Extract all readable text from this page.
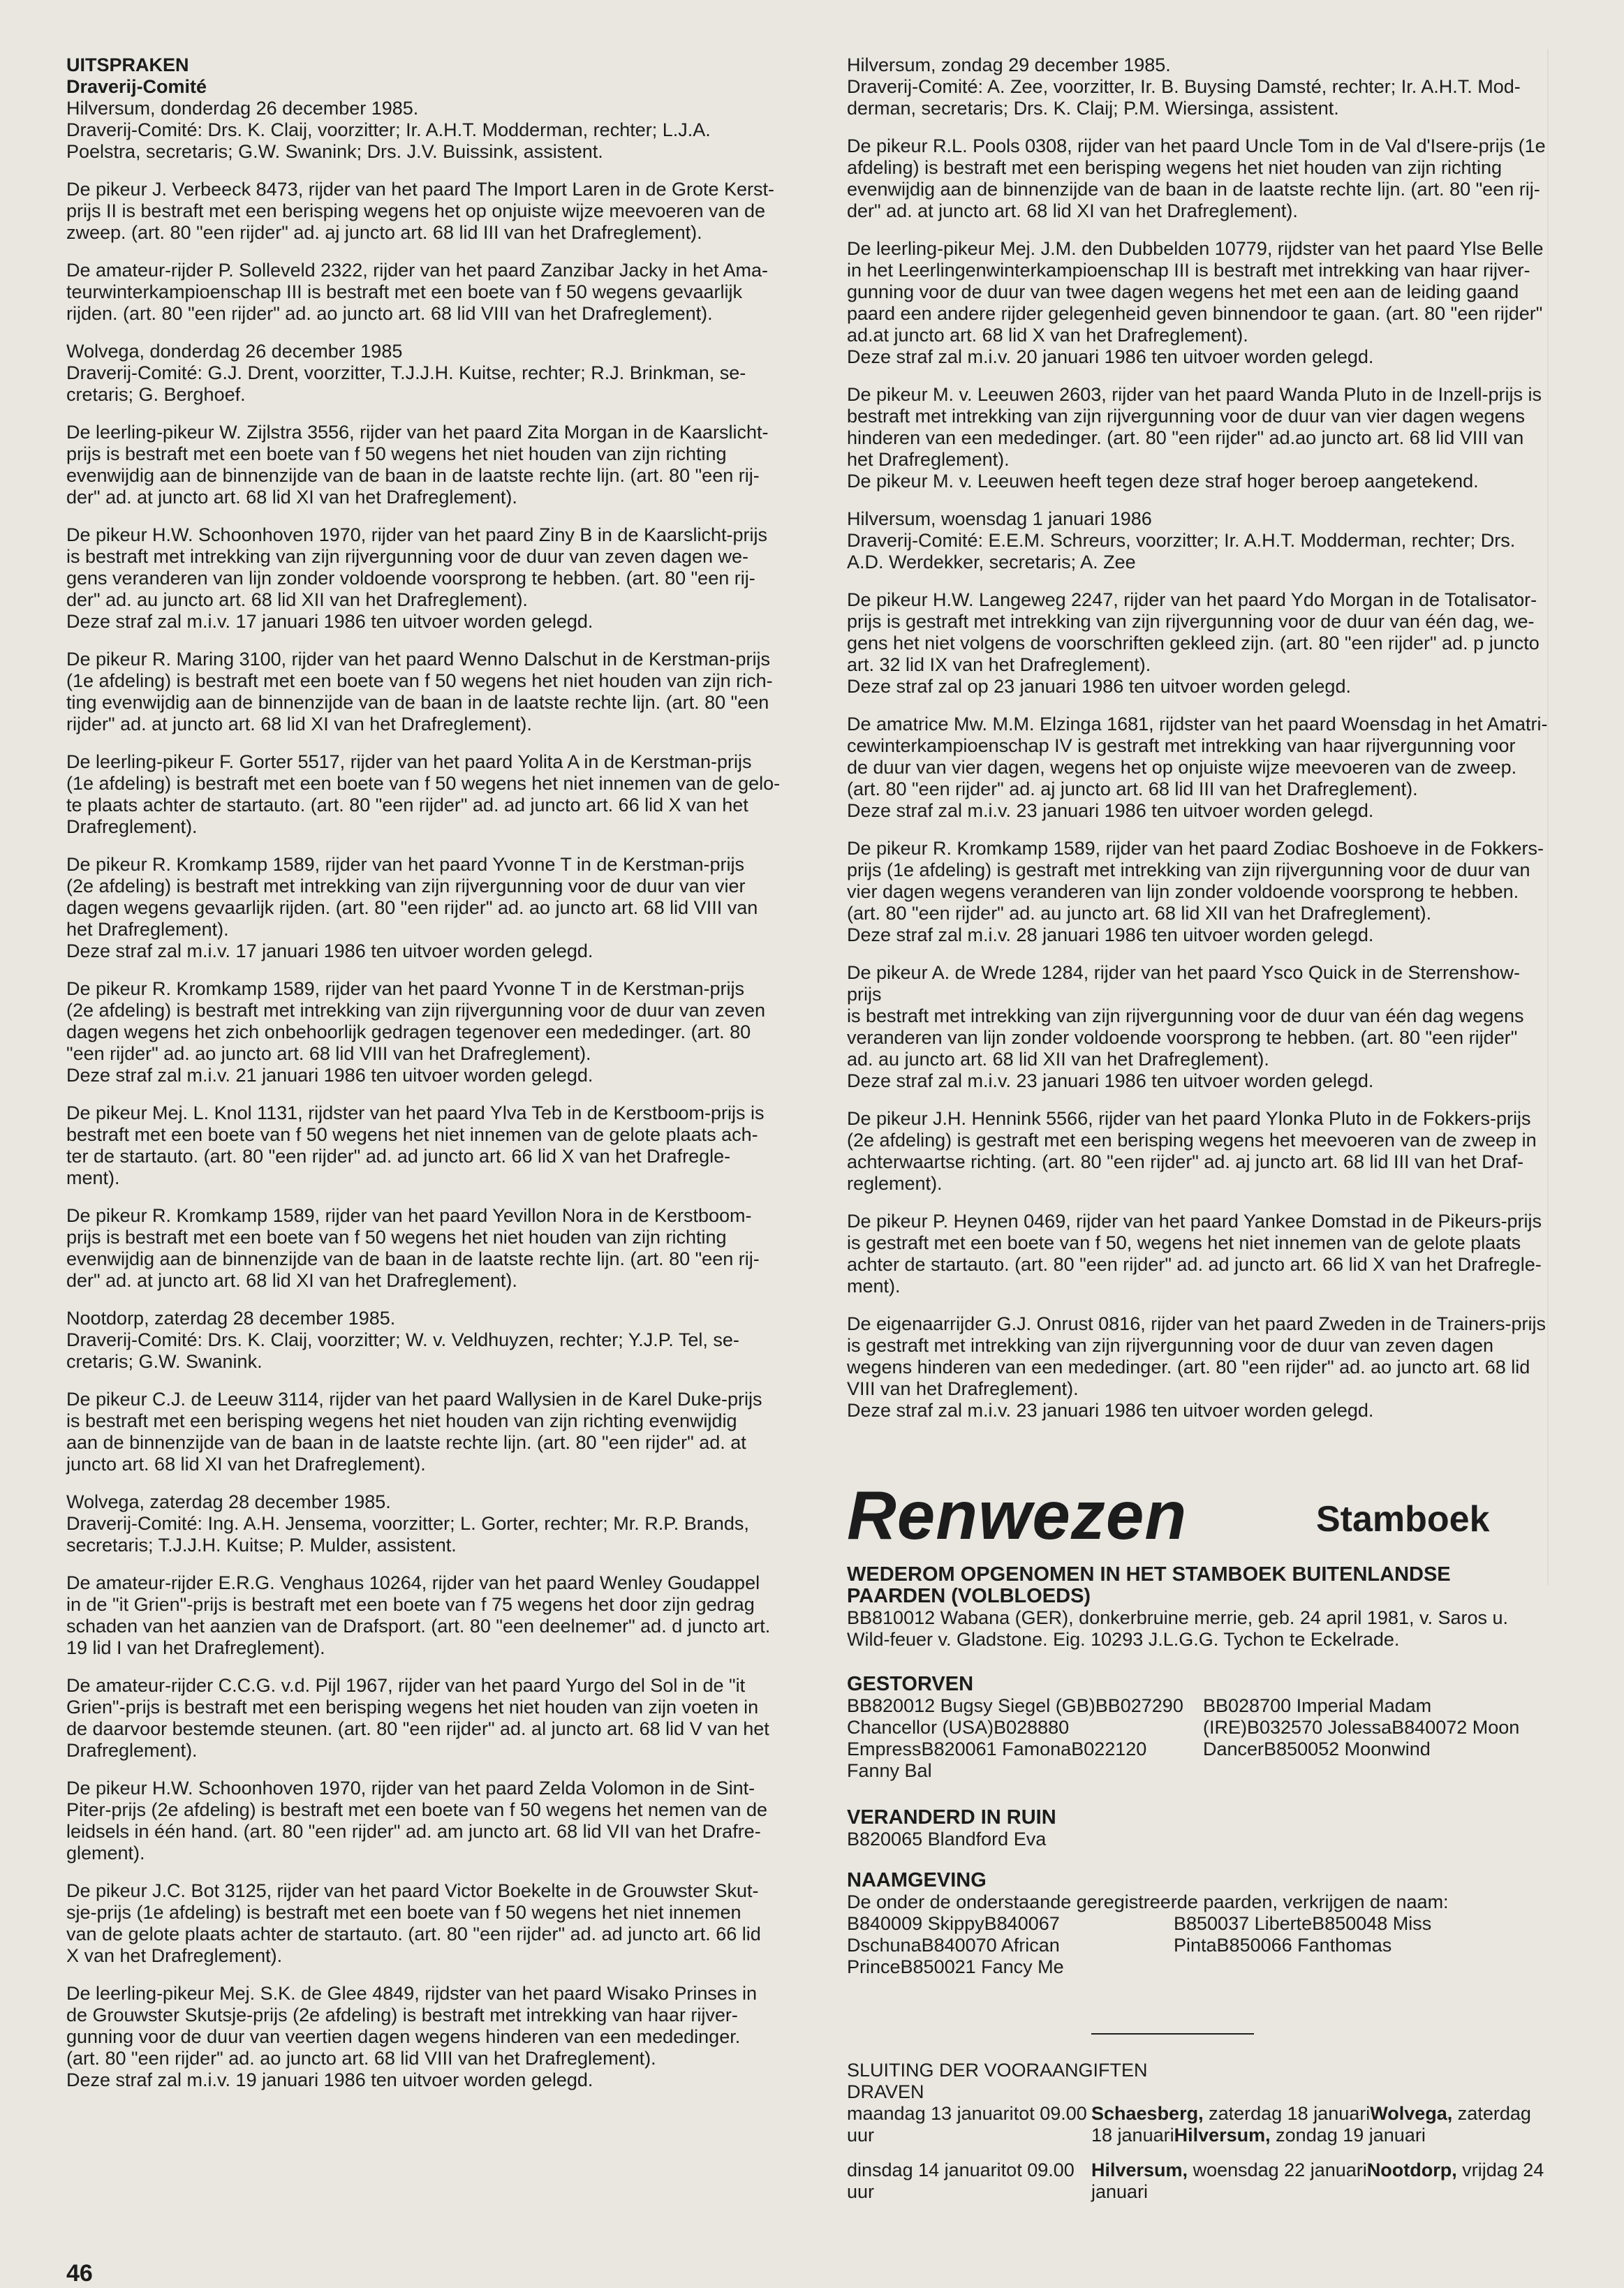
UITSPRAKEN
Draverij-Comité

Hilversum, donderdag 26 december 1985.
Draverij-Comité: Drs. K. Claij, voorzitter; Ir. A.H.T. Modderman, rechter; L.J.A.
Poelstra, secretaris; G.W. Swanink; Drs. J.V. Buissink, assistent.

De pikeur J. Verbeeck 8473, rijder van het paard The Import Laren in de Grote Kerst-
prijs II is bestraft met een berisping wegens het op onjuiste wijze meevoeren van de
zweep. (art. 80 "een rijder" ad. aj juncto art. 68 lid III van het Drafreglement).

De amateur-rijder P. Solleveld 2322, rijder van het paard Zanzibar Jacky in het Ama-
teurwinterkampioenschap III is bestraft met een boete van f 50 wegens gevaarlijk
rijden. (art. 80 "een rijder" ad. ao juncto art. 68 lid VIII van het Drafreglement).

Wolvega, donderdag 26 december 1985
Draverij-Comité: G.J. Drent, voorzitter, T.J.J.H. Kuitse, rechter; R.J. Brinkman, se-
cretaris; G. Berghoef.

De leerling-pikeur W. Zijlstra 3556, rijder van het paard Zita Morgan in de Kaarslicht-
prijs is bestraft met een boete van f 50 wegens het niet houden van zijn richting
evenwijdig aan de binnenzijde van de baan in de laatste rechte lijn. (art. 80 "een rij-
der" ad. at juncto art. 68 lid XI van het Drafreglement).

De pikeur H.W. Schoonhoven 1970, rijder van het paard Ziny B in de Kaarslicht-prijs
is bestraft met intrekking van zijn rijvergunning voor de duur van zeven dagen we-
gens veranderen van lijn zonder voldoende voorsprong te hebben. (art. 80 "een rij-
der" ad. au juncto art. 68 lid XII van het Drafreglement).
Deze straf zal m.i.v. 17 januari 1986 ten uitvoer worden gelegd.

De pikeur R. Maring 3100, rijder van het paard Wenno Dalschut in de Kerstman-prijs
(1e afdeling) is bestraft met een boete van f 50 wegens het niet houden van zijn rich-
ting evenwijdig aan de binnenzijde van de baan in de laatste rechte lijn. (art. 80 "een
rijder" ad. at juncto art. 68 lid XI van het Drafreglement).

De leerling-pikeur F. Gorter 5517, rijder van het paard Yolita A in de Kerstman-prijs
(1e afdeling) is bestraft met een boete van f 50 wegens het niet innemen van de gelo-
te plaats achter de startauto. (art. 80 "een rijder" ad. ad juncto art. 66 lid X van het
Drafreglement).

De pikeur R. Kromkamp 1589, rijder van het paard Yvonne T in de Kerstman-prijs
(2e afdeling) is bestraft met intrekking van zijn rijvergunning voor de duur van vier
dagen wegens gevaarlijk rijden. (art. 80 "een rijder" ad. ao juncto art. 68 lid VIII van
het Drafreglement).
Deze straf zal m.i.v. 17 januari 1986 ten uitvoer worden gelegd.

De pikeur R. Kromkamp 1589, rijder van het paard Yvonne T in de Kerstman-prijs
(2e afdeling) is bestraft met intrekking van zijn rijvergunning voor de duur van zeven
dagen wegens het zich onbehoorlijk gedragen tegenover een mededinger. (art. 80
"een rijder" ad. ao juncto art. 68 lid VIII van het Drafreglement).
Deze straf zal m.i.v. 21 januari 1986 ten uitvoer worden gelegd.

De pikeur Mej. L. Knol 1131, rijdster van het paard Ylva Teb in de Kerstboom-prijs is
bestraft met een boete van f 50 wegens het niet innemen van de gelote plaats ach-
ter de startauto. (art. 80 "een rijder" ad. ad juncto art. 66 lid X van het Drafregle-
ment).

De pikeur R. Kromkamp 1589, rijder van het paard Yevillon Nora in de Kerstboom-
prijs is bestraft met een boete van f 50 wegens het niet houden van zijn richting
evenwijdig aan de binnenzijde van de baan in de laatste rechte lijn. (art. 80 "een rij-
der" ad. at juncto art. 68 lid XI van het Drafreglement).

Nootdorp, zaterdag 28 december 1985.
Draverij-Comité: Drs. K. Claij, voorzitter; W. v. Veldhuyzen, rechter; Y.J.P. Tel, se-
cretaris; G.W. Swanink.

De pikeur C.J. de Leeuw 3114, rijder van het paard Wallysien in de Karel Duke-prijs
is bestraft met een berisping wegens het niet houden van zijn richting evenwijdig
aan de binnenzijde van de baan in de laatste rechte lijn. (art. 80 "een rijder" ad. at
juncto art. 68 lid XI van het Drafreglement).

Wolvega, zaterdag 28 december 1985.
Draverij-Comité: Ing. A.H. Jensema, voorzitter; L. Gorter, rechter; Mr. R.P. Brands,
secretaris; T.J.J.H. Kuitse; P. Mulder, assistent.

De amateur-rijder E.R.G. Venghaus 10264, rijder van het paard Wenley Goudappel
in de "it Grien"-prijs is bestraft met een boete van f 75 wegens het door zijn gedrag
schaden van het aanzien van de Drafsport. (art. 80 "een deelnemer" ad. d juncto art.
19 lid I van het Drafreglement).

De amateur-rijder C.C.G. v.d. Pijl 1967, rijder van het paard Yurgo del Sol in de "it
Grien"-prijs is bestraft met een berisping wegens het niet houden van zijn voeten in
de daarvoor bestemde steunen. (art. 80 "een rijder" ad. al juncto art. 68 lid V van het
Drafreglement).

De pikeur H.W. Schoonhoven 1970, rijder van het paard Zelda Volomon in de Sint-
Piter-prijs (2e afdeling) is bestraft met een boete van f 50 wegens het nemen van de
leidsels in één hand. (art. 80 "een rijder" ad. am juncto art. 68 lid VII van het Drafre-
glement).

De pikeur J.C. Bot 3125, rijder van het paard Victor Boekelte in de Grouwster Skut-
sje-prijs (1e afdeling) is bestraft met een boete van f 50 wegens het niet innemen
van de gelote plaats achter de startauto. (art. 80 "een rijder" ad. ad juncto art. 66 lid
X van het Drafreglement).

De leerling-pikeur Mej. S.K. de Glee 4849, rijdster van het paard Wisako Prinses in
de Grouwster Skutsje-prijs (2e afdeling) is bestraft met intrekking van haar rijver-
gunning voor de duur van veertien dagen wegens hinderen van een mededinger.
(art. 80 "een rijder" ad. ao juncto art. 68 lid VIII van het Drafreglement).
Deze straf zal m.i.v. 19 januari 1986 ten uitvoer worden gelegd.

Hilversum, zondag 29 december 1985.
Draverij-Comité: A. Zee, voorzitter, Ir. B. Buysing Damsté, rechter; Ir. A.H.T. Mod-
derman, secretaris; Drs. K. Claij; P.M. Wiersinga, assistent.

De pikeur R.L. Pools 0308, rijder van het paard Uncle Tom in de Val d'Isere-prijs (1e
afdeling) is bestraft met een berisping wegens het niet houden van zijn richting
evenwijdig aan de binnenzijde van de baan in de laatste rechte lijn. (art. 80 "een rij-
der" ad. at juncto art. 68 lid XI van het Drafreglement).

De leerling-pikeur Mej. J.M. den Dubbelden 10779, rijdster van het paard Ylse Belle
in het Leerlingenwinterkampioenschap III is bestraft met intrekking van haar rijver-
gunning voor de duur van twee dagen wegens het met een aan de leiding gaand
paard een andere rijder gelegenheid geven binnendoor te gaan. (art. 80 "een rijder"
ad.at juncto art. 68 lid X van het Drafreglement).
Deze straf zal m.i.v. 20 januari 1986 ten uitvoer worden gelegd.

De pikeur M. v. Leeuwen 2603, rijder van het paard Wanda Pluto in de Inzell-prijs is
bestraft met intrekking van zijn rijvergunning voor de duur van vier dagen wegens
hinderen van een mededinger. (art. 80 "een rijder" ad.ao juncto art. 68 lid VIII van
het Drafreglement).
De pikeur M. v. Leeuwen heeft tegen deze straf hoger beroep aangetekend.

Hilversum, woensdag 1 januari 1986
Draverij-Comité: E.E.M. Schreurs, voorzitter; Ir. A.H.T. Modderman, rechter; Drs.
A.D. Werdekker, secretaris; A. Zee

De pikeur H.W. Langeweg 2247, rijder van het paard Ydo Morgan in de Totalisator-
prijs is gestraft met intrekking van zijn rijvergunning voor de duur van één dag, we-
gens het niet volgens de voorschriften gekleed zijn. (art. 80 "een rijder" ad. p juncto
art. 32 lid IX van het Drafreglement).
Deze straf zal op 23 januari 1986 ten uitvoer worden gelegd.

De amatrice Mw. M.M. Elzinga 1681, rijdster van het paard Woensdag in het Amatri-
cewinterkampioenschap IV is gestraft met intrekking van haar rijvergunning voor
de duur van vier dagen, wegens het op onjuiste wijze meevoeren van de zweep.
(art. 80 "een rijder" ad. aj juncto art. 68 lid III van het Drafreglement).
Deze straf zal m.i.v. 23 januari 1986 ten uitvoer worden gelegd.

De pikeur R. Kromkamp 1589, rijder van het paard Zodiac Boshoeve in de Fokkers-
prijs (1e afdeling) is gestraft met intrekking van zijn rijvergunning voor de duur van
vier dagen wegens veranderen van lijn zonder voldoende voorsprong te hebben.
(art. 80 "een rijder" ad. au juncto art. 68 lid XII van het Drafreglement).
Deze straf zal m.i.v. 28 januari 1986 ten uitvoer worden gelegd.

De pikeur A. de Wrede 1284, rijder van het paard Ysco Quick in de Sterrenshow-prijs
is bestraft met intrekking van zijn rijvergunning voor de duur van één dag wegens
veranderen van lijn zonder voldoende voorsprong te hebben. (art. 80 "een rijder"
ad. au juncto art. 68 lid XII van het Drafreglement).
Deze straf zal m.i.v. 23 januari 1986 ten uitvoer worden gelegd.

De pikeur J.H. Hennink 5566, rijder van het paard Ylonka Pluto in de Fokkers-prijs
(2e afdeling) is gestraft met een berisping wegens het meevoeren van de zweep in
achterwaartse richting. (art. 80 "een rijder" ad. aj juncto art. 68 lid III van het Draf-
reglement).

De pikeur P. Heynen 0469, rijder van het paard Yankee Domstad in de Pikeurs-prijs
is gestraft met een boete van f 50, wegens het niet innemen van de gelote plaats
achter de startauto. (art. 80 "een rijder" ad. ad juncto art. 66 lid X van het Drafregle-
ment).

De eigenaarrijder G.J. Onrust 0816, rijder van het paard Zweden in de Trainers-prijs
is gestraft met intrekking van zijn rijvergunning voor de duur van zeven dagen
wegens hinderen van een mededinger. (art. 80 "een rijder" ad. ao juncto art. 68 lid
VIII van het Drafreglement).
Deze straf zal m.i.v. 23 januari 1986 ten uitvoer worden gelegd.

Renwezen	Stamboek
WEDEROM OPGENOMEN IN HET STAMBOEK BUITENLANDSE PAARDEN (VOLBLOEDS)
BB810012 Wabana (GER), donkerbruine merrie, geb. 24 april 1981, v. Saros u. Wild-feuer v. Gladstone. Eig. 10293 J.L.G.G. Tychon te Eckelrade.
GESTORVEN
BB820012 Bugsy Siegel (GB)BB027290 Chancellor (USA)B028880 EmpressB820061 FamonaB022120 Fanny Bal
BB028700 Imperial Madam (IRE)B032570 JolessaB840072 Moon DancerB850052 Moonwind
VERANDERD IN RUIN
B820065 Blandford Eva
NAAMGEVING
De onder de onderstaande geregistreerde paarden, verkrijgen de naam:
B840009 SkippyB840067 DschunaB840070 African PrinceB850021 Fancy Me
B850037 LiberteB850048 Miss PintaB850066 Fanthomas
SLUITING DER VOORAANGIFTEN
DRAVEN
maandag 13 januaritot 09.00 uur
Schaesberg, zaterdag 18 januariWolvega, zaterdag 18 januariHilversum, zondag 19 januari
dinsdag 14 januaritot 09.00 uur
Hilversum, woensdag 22 januariNootdorp, vrijdag 24 januari
46
